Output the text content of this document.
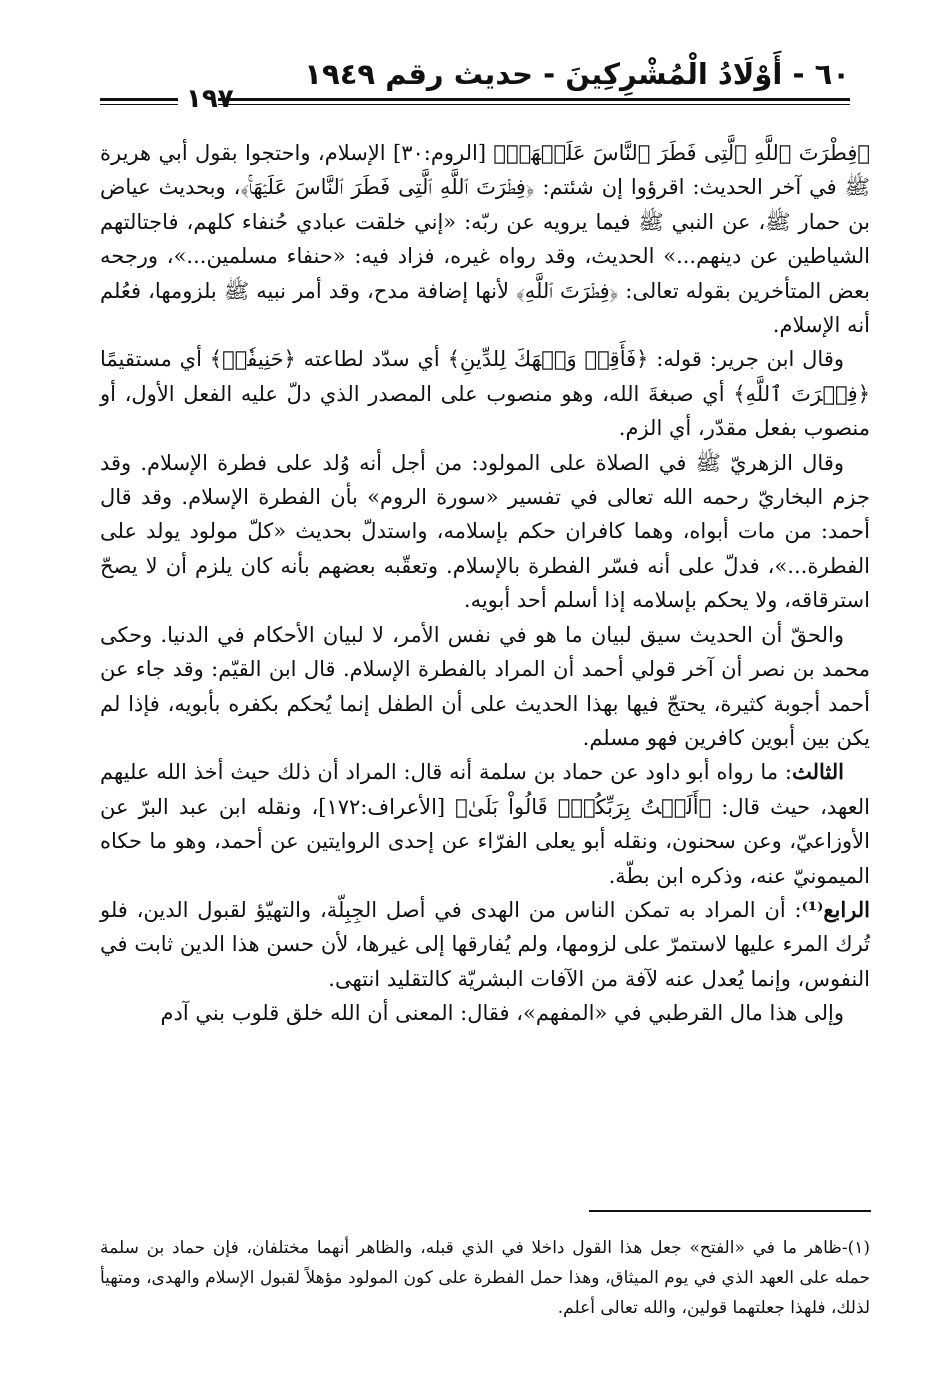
٦٠ - أَوْلَادُ الْمُشْرِكِينَ - حديث رقم ١٩٤٩
١٩٧

﴿فِطْرَتَ ٱللَّهِ ٱلَّتِى فَطَرَ ٱلنَّاسَ عَلَيۡهَاۚ﴾ [الروم:٣٠] الإسلام، واحتجوا بقول أبي هريرة ﷺ في آخر الحديث: اقرؤوا إن شئتم: ﴿فِطۡرَتَ ٱللَّهِ ٱلَّتِى فَطَرَ ٱلنَّاسَ عَلَيۡهَاۚ﴾، وبحديث عياض بن حمار ﷺ، عن النبي ﷺ فيما يرويه عن ربّه: «إني خلقت عبادي حُنفاء كلهم، فاجتالتهم الشياطين عن دينهم...» الحديث، وقد رواه غيره، فزاد فيه: «حنفاء مسلمين...»، ورجحه بعض المتأخرين بقوله تعالى: ﴿فِطۡرَتَ ٱللَّهِ﴾ لأنها إضافة مدح، وقد أمر نبيه ﷺ بلزومها، فعُلم أنه الإسلام.

وقال ابن جرير: قوله: ﴿فَأَقِمۡ وَجۡهَكَ لِلدِّينِ﴾ أي سدّد لطاعته ﴿حَنِيفٗاۚ﴾ أي مستقيمًا ﴿فِطۡرَتَ ٱللَّهِ﴾ أي صبغةَ الله، وهو منصوب على المصدر الذي دلّ عليه الفعل الأول، أو منصوب بفعل مقدّر، أي الزم.

وقال الزهريّ ﷺ في الصلاة على المولود: من أجل أنه وُلد على فطرة الإسلام. وقد جزم البخاريّ رحمه الله تعالى في تفسير «سورة الروم» بأن الفطرة الإسلام. وقد قال أحمد: من مات أبواه، وهما كافران حكم بإسلامه، واستدلّ بحديث «كلّ مولود يولد على الفطرة...»، فدلّ على أنه فسّر الفطرة بالإسلام. وتعقّبه بعضهم بأنه كان يلزم أن لا يصحّ استرقاقه، ولا يحكم بإسلامه إذا أسلم أحد أبويه.

والحقّ أن الحديث سيق لبيان ما هو في نفس الأمر، لا لبيان الأحكام في الدنيا. وحكى محمد بن نصر أن آخر قولي أحمد أن المراد بالفطرة الإسلام. قال ابن القيّم: وقد جاء عن أحمد أجوبة كثيرة، يحتجّ فيها بهذا الحديث على أن الطفل إنما يُحكم بكفره بأبويه، فإذا لم يكن بين أبوين كافرين فهو مسلم.

الثالث: ما رواه أبو داود عن حماد بن سلمة أنه قال: المراد أن ذلك حيث أخذ الله عليهم العهد، حيث قال: ﴿أَلَسۡتُ بِرَبِّكُمۡۖ قَالُواْ بَلَىٰ﴾ [الأعراف:١٧٢]، ونقله ابن عبد البرّ عن الأوزاعيّ، وعن سحنون، ونقله أبو يعلى الفرّاء عن إحدى الروايتين عن أحمد، وهو ما حكاه الميمونيّ عنه، وذكره ابن بطّة.

الرابع⁽¹⁾: أن المراد به تمكن الناس من الهدى في أصل الجِبِلّة، والتهيّؤ لقبول الدين، فلو تُرك المرء عليها لاستمرّ على لزومها، ولم يُفارقها إلى غيرها، لأن حسن هذا الدين ثابت في النفوس، وإنما يُعدل عنه لآفة من الآفات البشريّة كالتقليد انتهى.

وإلى هذا مال القرطبي في «المفهم»، فقال: المعنى أن الله خلق قلوب بني آدم

(١)-ظاهر ما في «الفتح» جعل هذا القول داخلا في الذي قبله، والظاهر أنهما مختلفان، فإن حماد بن سلمة حمله على العهد الذي في يوم الميثاق، وهذا حمل الفطرة على كون المولود مؤهلاً لقبول الإسلام والهدى، ومتهيأ لذلك، فلهذا جعلتهما قولين، والله تعالى أعلم.
